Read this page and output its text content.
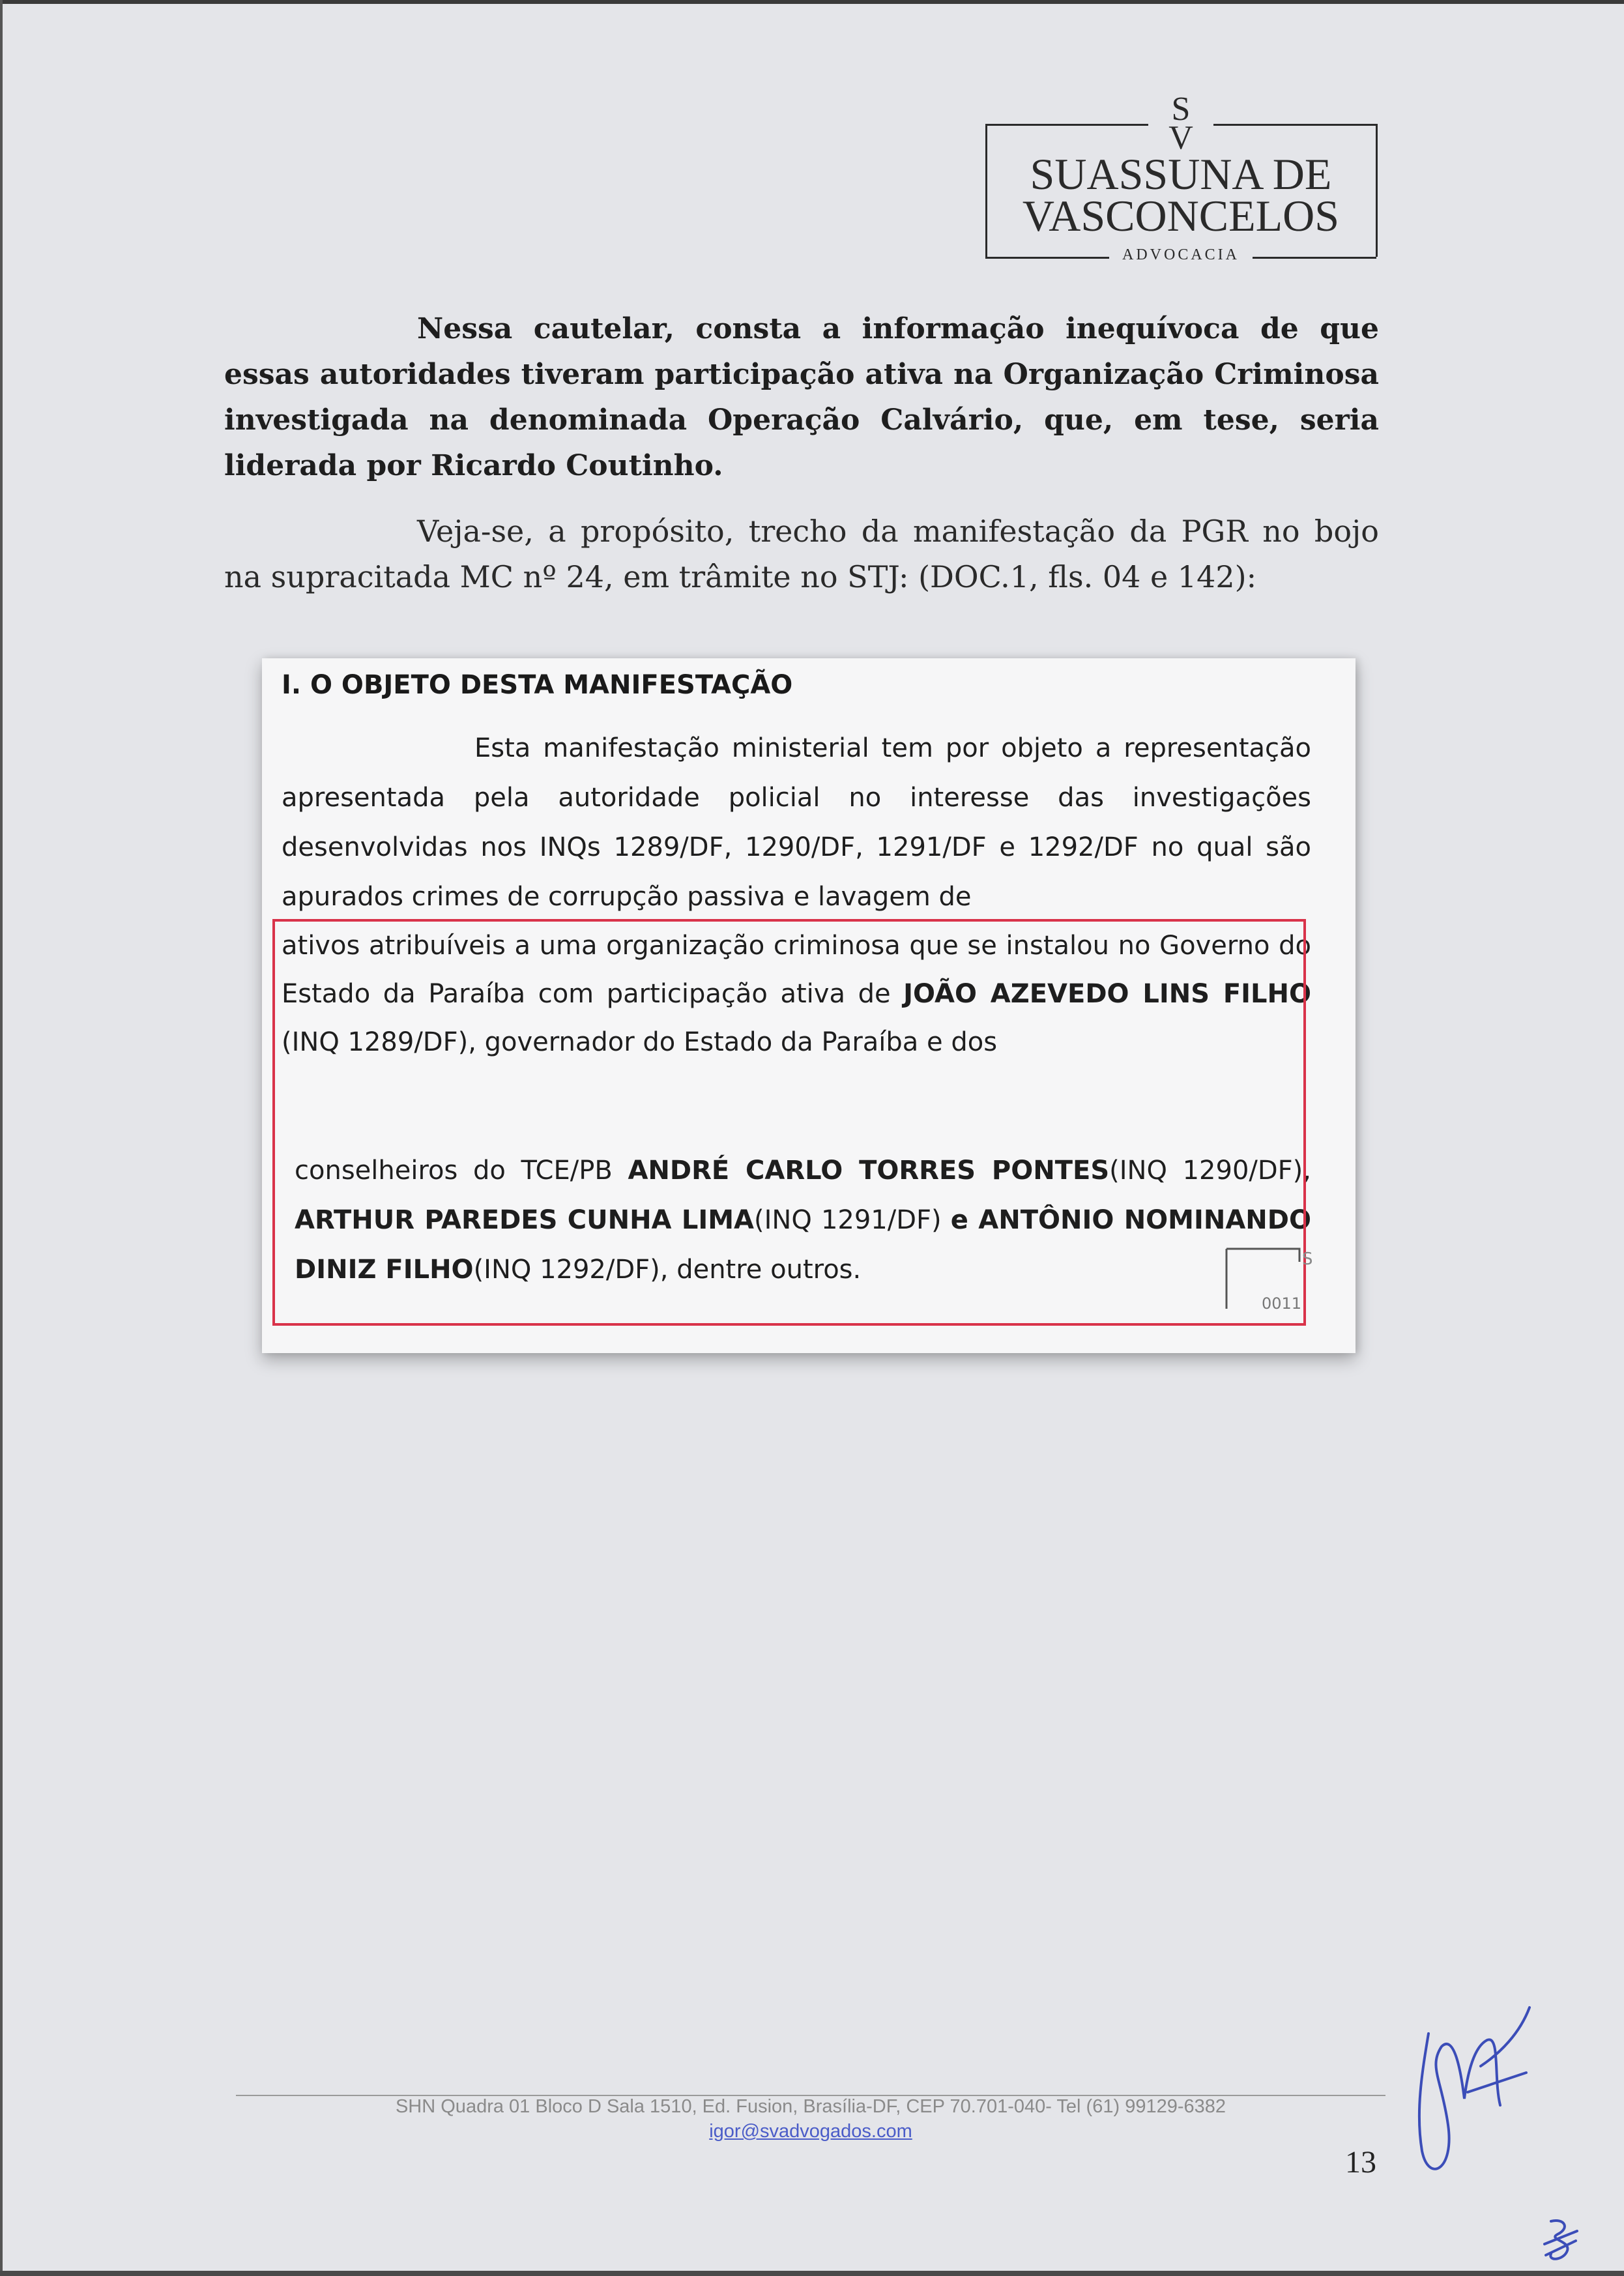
S
V
SUASSUNA DE
VASCONCELOS
ADVOCACIA
Nessa cautelar, consta a informação inequívoca de que essas autoridades tiveram participação ativa na Organização Criminosa investigada na denominada Operação Calvário, que, em tese, seria liderada por Ricardo Coutinho.
Veja-se, a propósito, trecho da manifestação da PGR no bojo na supracitada MC nº 24, em trâmite no STJ: (DOC.1, fls. 04 e 142):
I. O OBJETO DESTA MANIFESTAÇÃO
Esta manifestação ministerial tem por objeto a representação apresentada pela autoridade policial no interesse das investigações desenvolvidas nos INQs 1289/DF, 1290/DF, 1291/DF e 1292/DF no qual são apurados crimes de corrupção passiva e lavagem de
ativos atribuíveis a uma organização criminosa que se instalou no Governo do Estado da Paraíba com participação ativa de JOÃO AZEVEDO LINS FILHO (INQ 1289/DF), governador do Estado da Paraíba e dos
conselheiros do TCE/PB ANDRÉ CARLO TORRES PONTES(INQ 1290/DF), ARTHUR PAREDES CUNHA LIMA(INQ 1291/DF) e ANTÔNIO NOMINANDO DINIZ FILHO(INQ 1292/DF), dentre outros.	S
0011
SHN Quadra 01 Bloco D Sala 1510, Ed. Fusion, Brasília-DF, CEP 70.701-040- Tel (61) 99129-6382
igor@svadvogados.com
13
